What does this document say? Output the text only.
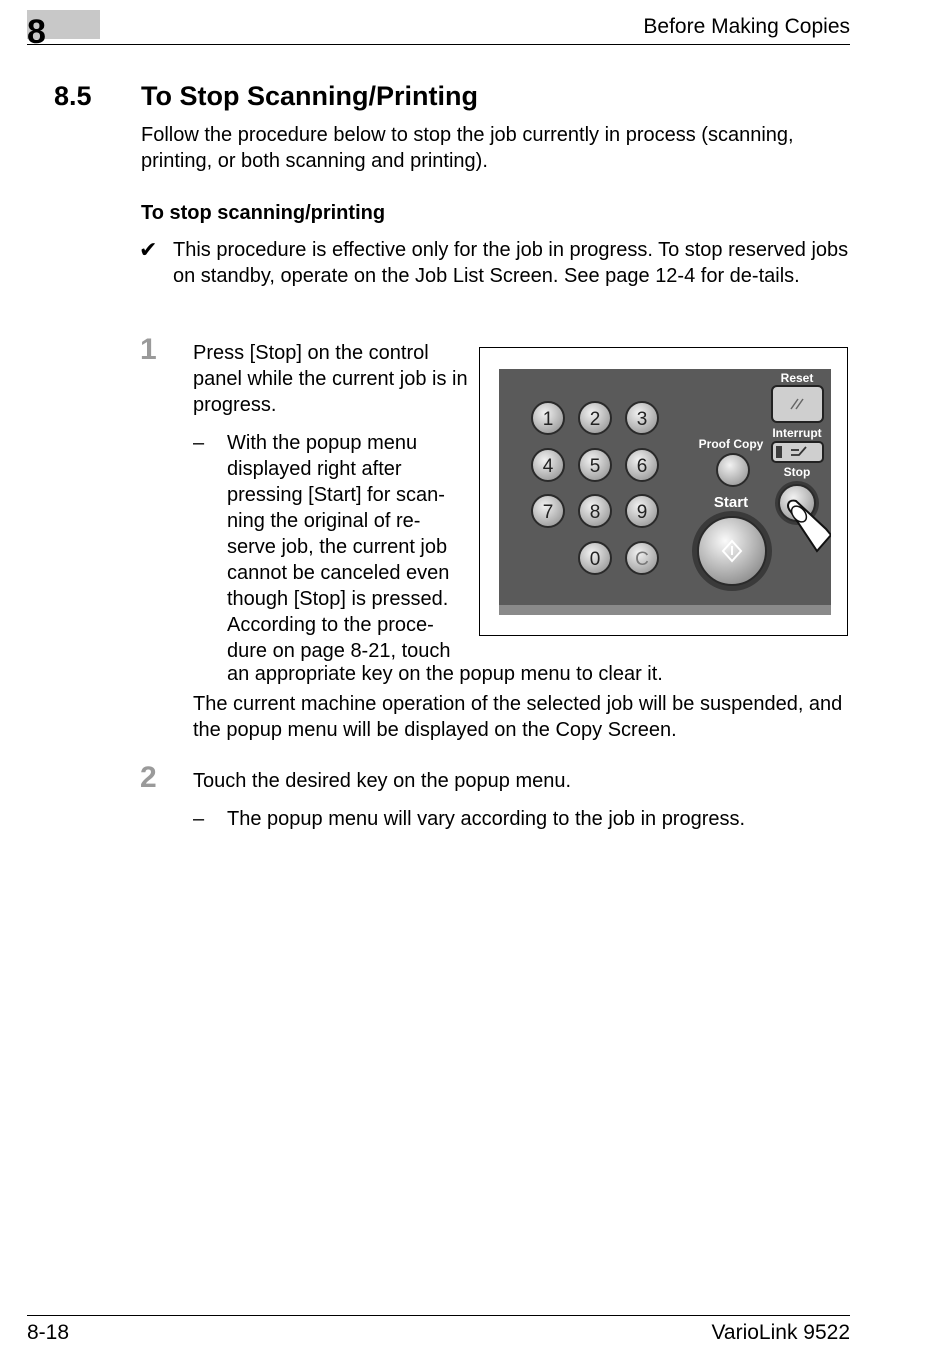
8	Before Making Copies
8.5 To Stop Scanning/Printing
Follow the procedure below to stop the job currently in process (scanning, printing, or both scanning and printing).
To stop scanning/printing
✔ This procedure is effective only for the job in progress. To stop reserved jobs on standby, operate on the Job List Screen. See page 12-4 for de-tails.
1 Press [Stop] on the control panel while the current job is in progress.
– With the popup menu displayed right after pressing [Start] for scan-ning the original of re-serve job, the current job cannot be canceled even though [Stop] is pressed. According to the proce-dure on page 8-21, touch
an appropriate key on the popup menu to clear it.
The current machine operation of the selected job will be suspended, and the popup menu will be displayed on the Copy Screen.
2 Touch the desired key on the popup menu.
– The popup menu will vary according to the job in progress.
1 2 3
4 5 6
7 8 9
0 C
Proof Copy
Start
Reset
Interrupt
Stop
8-18	VarioLink 9522
